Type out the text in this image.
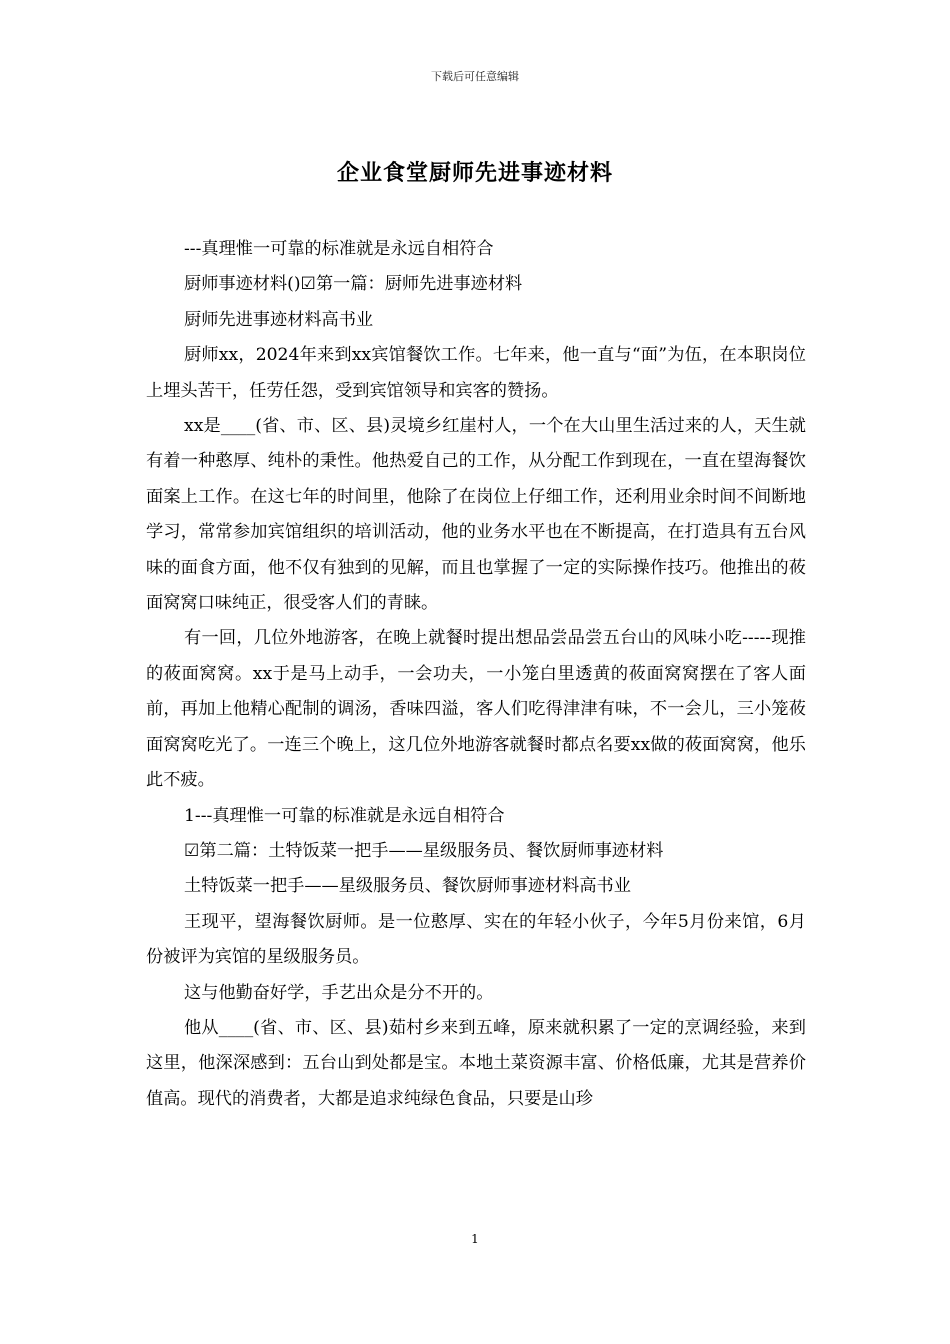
下载后可任意编辑
企业食堂厨师先进事迹材料

---真理惟一可靠的标准就是永远自相符合

厨师事迹材料()☑第一篇：厨师先进事迹材料

厨师先进事迹材料高书业

厨师xx，2024年来到xx宾馆餐饮工作。七年来，他一直与“面”为伍，在本职岗位上埋头苦干，任劳任怨，受到宾馆领导和宾客的赞扬。

xx是____(省、市、区、县)灵境乡红崖村人，一个在大山里生活过来的人，天生就有着一种憨厚、纯朴的秉性。他热爱自己的工作，从分配工作到现在，一直在望海餐饮面案上工作。在这七年的时间里，他除了在岗位上仔细工作，还利用业余时间不间断地学习，常常参加宾馆组织的培训活动，他的业务水平也在不断提高，在打造具有五台风味的面食方面，他不仅有独到的见解，而且也掌握了一定的实际操作技巧。他推出的莜面窝窝口味纯正，很受客人们的青睐。

有一回，几位外地游客，在晚上就餐时提出想品尝品尝五台山的风味小吃-----现推的莜面窝窝。xx于是马上动手，一会功夫，一小笼白里透黄的莜面窝窝摆在了客人面前，再加上他精心配制的调汤，香味四溢，客人们吃得津津有味，不一会儿，三小笼莜面窝窝吃光了。一连三个晚上，这几位外地游客就餐时都点名要xx做的莜面窝窝，他乐此不疲。

1---真理惟一可靠的标准就是永远自相符合

☑第二篇：土特饭菜一把手——星级服务员、餐饮厨师事迹材料

土特饭菜一把手——星级服务员、餐饮厨师事迹材料高书业

王现平，望海餐饮厨师。是一位憨厚、实在的年轻小伙子，今年5月份来馆，6月份被评为宾馆的星级服务员。

这与他勤奋好学，手艺出众是分不开的。

他从____(省、市、区、县)茹村乡来到五峰，原来就积累了一定的烹调经验，来到这里，他深深感到：五台山到处都是宝。本地土菜资源丰富、价格低廉，尤其是营养价值高。现代的消费者，大都是追求纯绿色食品，只要是山珍

1
